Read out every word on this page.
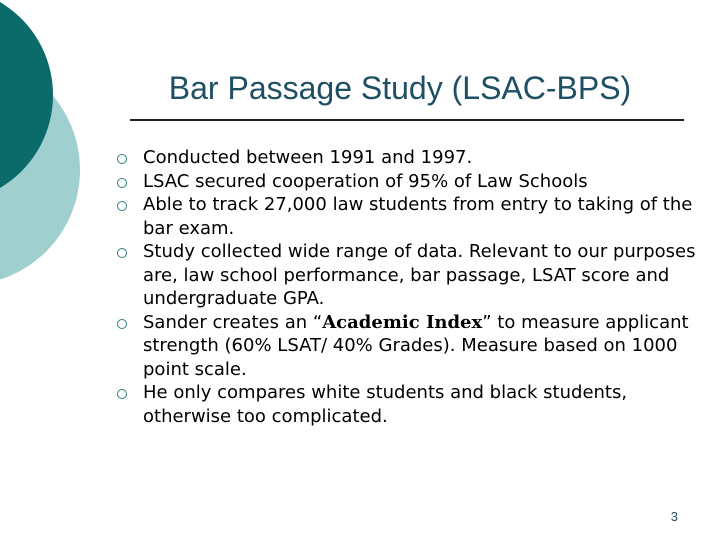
Bar Passage Study (LSAC-BPS)
Conducted between 1991 and 1997.
LSAC secured cooperation of 95% of Law Schools
Able to track 27,000 law students from entry to taking of the bar exam.
Study collected wide range of data. Relevant to our purposes are, law school performance, bar passage, LSAT score and undergraduate GPA.
Sander creates an “Academic Index” to measure applicant strength (60% LSAT/ 40% Grades). Measure based on 1000 point scale.
He only compares white students and black students, otherwise too complicated.
3
